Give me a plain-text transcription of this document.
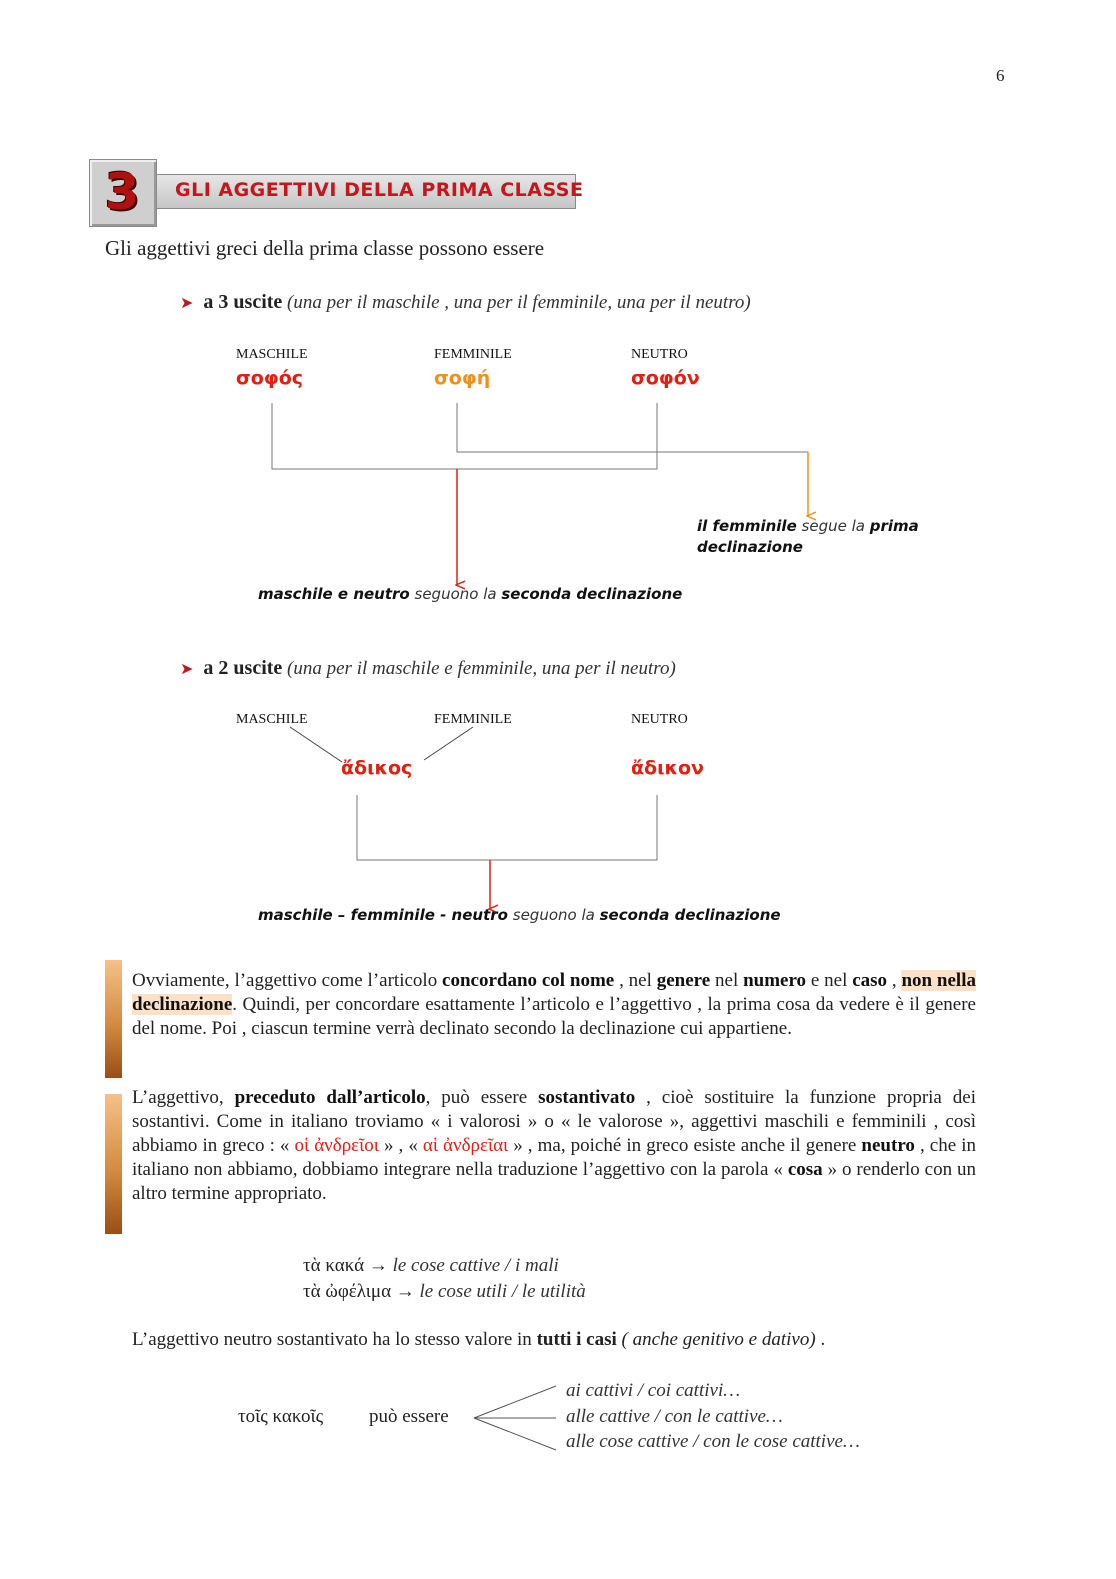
6
3	GLI AGGETTIVI DELLA PRIMA CLASSE
Gli aggettivi greci della prima classe possono essere
➤ a 3 uscite (una per il maschile , una per il femminile, una per il neutro)
MASCHILE	FEMMINILE	NEUTRO
σοφός	σοφή	σοφόν
il femminile segue la prima declinazione
maschile e neutro seguono la seconda declinazione
➤ a 2 uscite (una per il maschile e femminile, una per il neutro)
MASCHILE	FEMMINILE	NEUTRO
ἄδικος	ἄδικον
maschile – femminile - neutro seguono la seconda declinazione
Ovviamente, l’aggettivo come l’articolo concordano col nome , nel genere nel numero e nel caso , non nella declinazione. Quindi, per concordare esattamente l’articolo e l’aggettivo , la prima cosa da vedere è il genere del nome. Poi , ciascun termine verrà declinato secondo la declinazione cui appartiene.
L’aggettivo, preceduto dall’articolo, può essere sostantivato , cioè sostituire la funzione propria dei sostantivi. Come in italiano troviamo « i valorosi » o « le valorose », aggettivi maschili e femminili , così abbiamo in greco : « οἱ ἀνδρεῖοι » , « αἱ ἀνδρεῖαι » , ma, poiché in greco esiste anche il genere neutro , che in italiano non abbiamo, dobbiamo integrare nella traduzione l’aggettivo con la parola « cosa » o renderlo con un altro termine appropriato.
τὰ κακά → le cose cattive / i mali
τὰ ὠφέλιμα → le cose utili / le utilità
L’aggettivo neutro sostantivato ha lo stesso valore in tutti i casi ( anche genitivo e dativo) .
τοῖς κακοῖς può essere
ai cattivi / coi cattivi…
alle cattive / con le cattive…
alle cose cattive / con le cose cattive…
